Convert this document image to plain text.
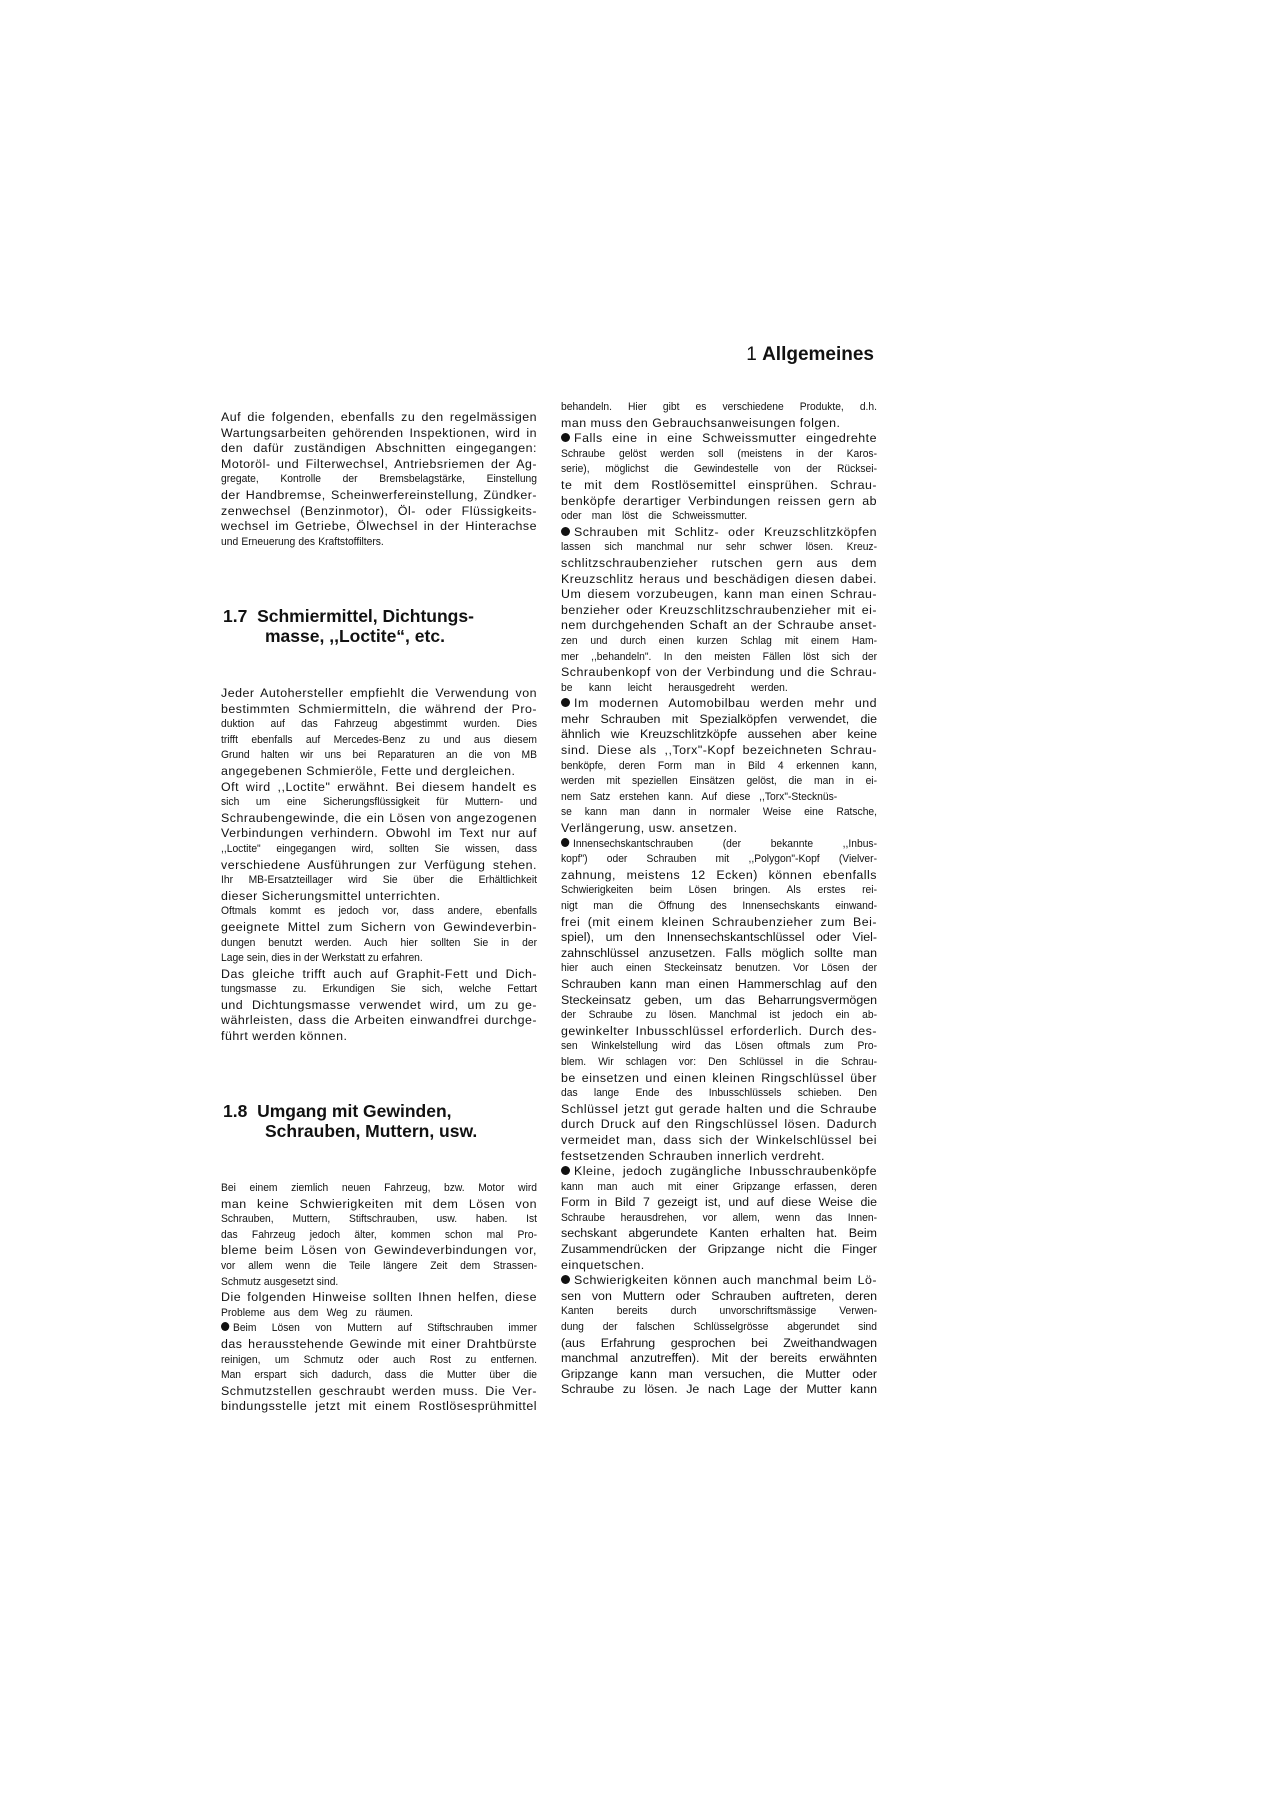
1 Allgemeines
Auf die folgenden, ebenfalls zu den regelmässigen
Wartungsarbeiten gehörenden Inspektionen, wird in
den dafür zuständigen Abschnitten eingegangen:
Motoröl- und Filterwechsel, Antriebsriemen der Ag-
gregate, Kontrolle der Bremsbelagstärke, Einstellung
der Handbremse, Scheinwerfereinstellung, Zündker-
zenwechsel (Benzinmotor), Öl- oder Flüssigkeits-
wechsel im Getriebe, Ölwechsel in der Hinterachse
und Erneuerung des Kraftstoffilters.
1.7 Schmiermittel, Dichtungs-
masse, ,,Loctite“, etc.
Jeder Autohersteller empfiehlt die Verwendung von
bestimmten Schmiermitteln, die während der Pro-
duktion auf das Fahrzeug abgestimmt wurden. Dies
trifft ebenfalls auf Mercedes-Benz zu und aus diesem
Grund halten wir uns bei Reparaturen an die von MB
angegebenen Schmieröle, Fette und dergleichen.
Oft wird ,,Loctite" erwähnt. Bei diesem handelt es
sich um eine Sicherungsflüssigkeit für Muttern- und
Schraubengewinde, die ein Lösen von angezogenen
Verbindungen verhindern. Obwohl im Text nur auf
,,Loctite" eingegangen wird, sollten Sie wissen, dass
verschiedene Ausführungen zur Verfügung stehen.
Ihr MB-Ersatzteillager wird Sie über die Erhältlichkeit
dieser Sicherungsmittel unterrichten.
Oftmals kommt es jedoch vor, dass andere, ebenfalls
geeignete Mittel zum Sichern von Gewindeverbin-
dungen benutzt werden. Auch hier sollten Sie in der
Lage sein, dies in der Werkstatt zu erfahren.
Das gleiche trifft auch auf Graphit-Fett und Dich-
tungsmasse zu. Erkundigen Sie sich, welche Fettart
und Dichtungsmasse verwendet wird, um zu ge-
währleisten, dass die Arbeiten einwandfrei durchge-
führt werden können.
1.8 Umgang mit Gewinden,
Schrauben, Muttern, usw.
Bei einem ziemlich neuen Fahrzeug, bzw. Motor wird
man keine Schwierigkeiten mit dem Lösen von
Schrauben, Muttern, Stiftschrauben, usw. haben. Ist
das Fahrzeug jedoch älter, kommen schon mal Pro-
bleme beim Lösen von Gewindeverbindungen vor,
vor allem wenn die Teile längere Zeit dem Strassen-
Schmutz ausgesetzt sind.
Die folgenden Hinweise sollten Ihnen helfen, diese
Probleme aus dem Weg zu räumen.
Beim Lösen von Muttern auf Stiftschrauben immer
das herausstehende Gewinde mit einer Drahtbürste
reinigen, um Schmutz oder auch Rost zu entfernen.
Man erspart sich dadurch, dass die Mutter über die
Schmutzstellen geschraubt werden muss. Die Ver-
bindungsstelle jetzt mit einem Rostlösesprühmittel
behandeln. Hier gibt es verschiedene Produkte, d.h.
man muss den Gebrauchsanweisungen folgen.
Falls eine in eine Schweissmutter eingedrehte
Schraube gelöst werden soll (meistens in der Karos-
serie), möglichst die Gewindestelle von der Rücksei-
te mit dem Rostlösemittel einsprühen. Schrau-
benköpfe derartiger Verbindungen reissen gern ab
oder man löst die Schweissmutter.
Schrauben mit Schlitz- oder Kreuzschlitzköpfen
lassen sich manchmal nur sehr schwer lösen. Kreuz-
schlitzschraubenzieher rutschen gern aus dem
Kreuzschlitz heraus und beschädigen diesen dabei.
Um diesem vorzubeugen, kann man einen Schrau-
benzieher oder Kreuzschlitzschraubenzieher mit ei-
nem durchgehenden Schaft an der Schraube anset-
zen und durch einen kurzen Schlag mit einem Ham-
mer ,,behandeln". In den meisten Fällen löst sich der
Schraubenkopf von der Verbindung und die Schrau-
be kann leicht herausgedreht werden.
Im modernen Automobilbau werden mehr und
mehr Schrauben mit Spezialköpfen verwendet, die
ähnlich wie Kreuzschlitzköpfe aussehen aber keine
sind. Diese als ,,Torx"-Kopf bezeichneten Schrau-
benköpfe, deren Form man in Bild 4 erkennen kann,
werden mit speziellen Einsätzen gelöst, die man in ei-
nem Satz erstehen kann. Auf diese ,,Torx"-Stecknüs-
se kann man dann in normaler Weise eine Ratsche,
Verlängerung, usw. ansetzen.
Innensechskantschrauben (der bekannte ,,Inbus-
kopf") oder Schrauben mit ,,Polygon"-Kopf (Vielver-
zahnung, meistens 12 Ecken) können ebenfalls
Schwierigkeiten beim Lösen bringen. Als erstes rei-
nigt man die Öffnung des Innensechskants einwand-
frei (mit einem kleinen Schraubenzieher zum Bei-
spiel), um den Innensechskantschlüssel oder Viel-
zahnschlüssel anzusetzen. Falls möglich sollte man
hier auch einen Steckeinsatz benutzen. Vor Lösen der
Schrauben kann man einen Hammerschlag auf den
Steckeinsatz geben, um das Beharrungsvermögen
der Schraube zu lösen. Manchmal ist jedoch ein ab-
gewinkelter Inbusschlüssel erforderlich. Durch des-
sen Winkelstellung wird das Lösen oftmals zum Pro-
blem. Wir schlagen vor: Den Schlüssel in die Schrau-
be einsetzen und einen kleinen Ringschlüssel über
das lange Ende des Inbusschlüssels schieben. Den
Schlüssel jetzt gut gerade halten und die Schraube
durch Druck auf den Ringschlüssel lösen. Dadurch
vermeidet man, dass sich der Winkelschlüssel bei
festsetzenden Schrauben innerlich verdreht.
Kleine, jedoch zugängliche Inbusschraubenköpfe
kann man auch mit einer Gripzange erfassen, deren
Form in Bild 7 gezeigt ist, und auf diese Weise die
Schraube herausdrehen, vor allem, wenn das Innen-
sechskant abgerundete Kanten erhalten hat. Beim
Zusammendrücken der Gripzange nicht die Finger
einquetschen.
Schwierigkeiten können auch manchmal beim Lö-
sen von Muttern oder Schrauben auftreten, deren
Kanten bereits durch unvorschriftsmässige Verwen-
dung der falschen Schlüsselgrösse abgerundet sind
(aus Erfahrung gesprochen bei Zweithandwagen
manchmal anzutreffen). Mit der bereits erwähnten
Gripzange kann man versuchen, die Mutter oder
Schraube zu lösen. Je nach Lage der Mutter kann
